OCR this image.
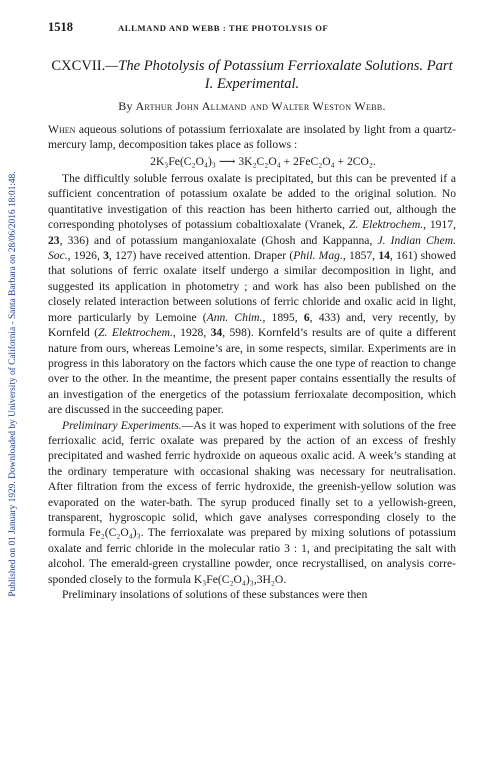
Published on 01 January 1929. Downloaded by University of California - Santa Barbara on 28/06/2016 18:01:48.
1518	ALLMAND AND WEBB : THE PHOTOLYSIS OF
CXCVII.—The Photolysis of Potassium Ferrioxalate Solutions. Part I. Experimental.
By Arthur John Allmand and Walter Weston Webb.

When aqueous solutions of potassium ferrioxalate are insolated by light from a quartz-mercury lamp, decomposition takes place as follows :

2K₃Fe(C₂O₄)₃ ⟶ 3K₂C₂O₄ + 2FeC₂O₄ + 2CO₂.

The difficultly soluble ferrous oxalate is precipitated, but this can be prevented if a sufficient concentration of potassium oxalate be added to the original solution. No quantitative investigation of this reaction has been hitherto carried out, although the corresponding photolyses of potassium cobaltioxalate (Vranek, Z. Elektrochem., 1917, 23, 336) and of potassium manganioxalate (Ghosh and Kappanna, J. Indian Chem. Soc., 1926, 3, 127) have received attention. Draper (Phil. Mag., 1857, 14, 161) showed that solutions of ferric oxalate itself undergo a similar decomposition in light, and suggested its application in photometry ; and work has also been published on the closely related interaction between solutions of ferric chloride and oxalic acid in light, more particularly by Lemoine (Ann. Chim., 1895, 6, 433) and, very recently, by Kornfeld (Z. Elektrochem., 1928, 34, 598). Kornfeld’s results are of quite a different nature from ours, whereas Lemoine’s are, in some respects, similar. Experiments are in progress in this laboratory on the factors which cause the one type of reaction to change over to the other. In the meantime, the present paper contains essentially the results of an investigation of the energetics of the potassium ferrioxalate decomposition, which are discussed in the succeeding paper.

Preliminary Experiments.—As it was hoped to experiment with solutions of the free ferrioxalic acid, ferric oxalate was prepared by the action of an excess of freshly precipitated and washed ferric hydroxide on aqueous oxalic acid. A week’s standing at the ordinary temperature with occasional shaking was necessary for neutralisation. After filtration from the excess of ferric hydroxide, the greenish-yellow solution was evaporated on the water-bath. The syrup produced finally set to a yellowish-green, transparent, hygroscopic solid, which gave analyses corresponding closely to the formula Fe₂(C₂O₄)₃. The ferrioxalate was prepared by mixing solutions of potassium oxalate and ferric chloride in the molecular ratio 3 : 1, and precipitating the salt with alcohol. The emerald-green crystalline powder, once recrystallised, on analysis corresponded closely to the formula K₃Fe(C₂O₄)₃,3H₂O.

Preliminary insolations of solutions of these substances were then
